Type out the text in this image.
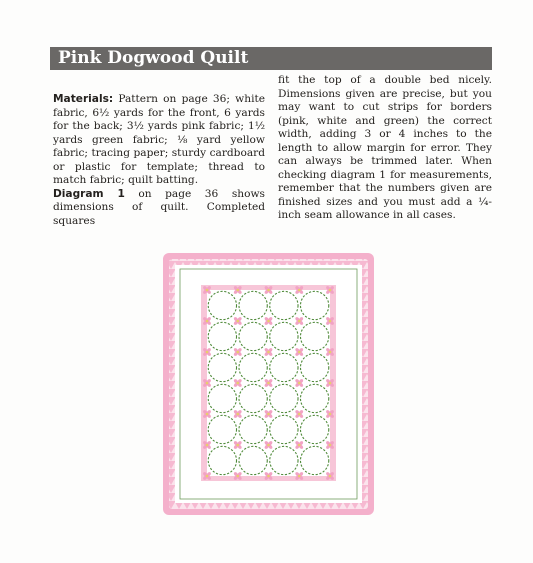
Pink Dogwood Quilt

Materials: Pattern on page 36; white fabric, 6½ yards for the front, 6 yards for the back; 3½ yards pink fabric; 1½ yards green fabric; ⅛ yard yellow fabric; tracing paper; sturdy cardboard or plastic for template; thread to match fabric; quilt batting.

Diagram 1 on page 36 shows dimensions of quilt. Completed squares

fit the top of a double bed nicely. Dimensions given are precise, but you may want to cut strips for borders (pink, white and green) the correct width, adding 3 or 4 inches to the length to allow margin for error. They can always be trimmed later. When checking diagram 1 for measurements, remember that the numbers given are finished sizes and you must add a ¼-inch seam allowance in all cases.
